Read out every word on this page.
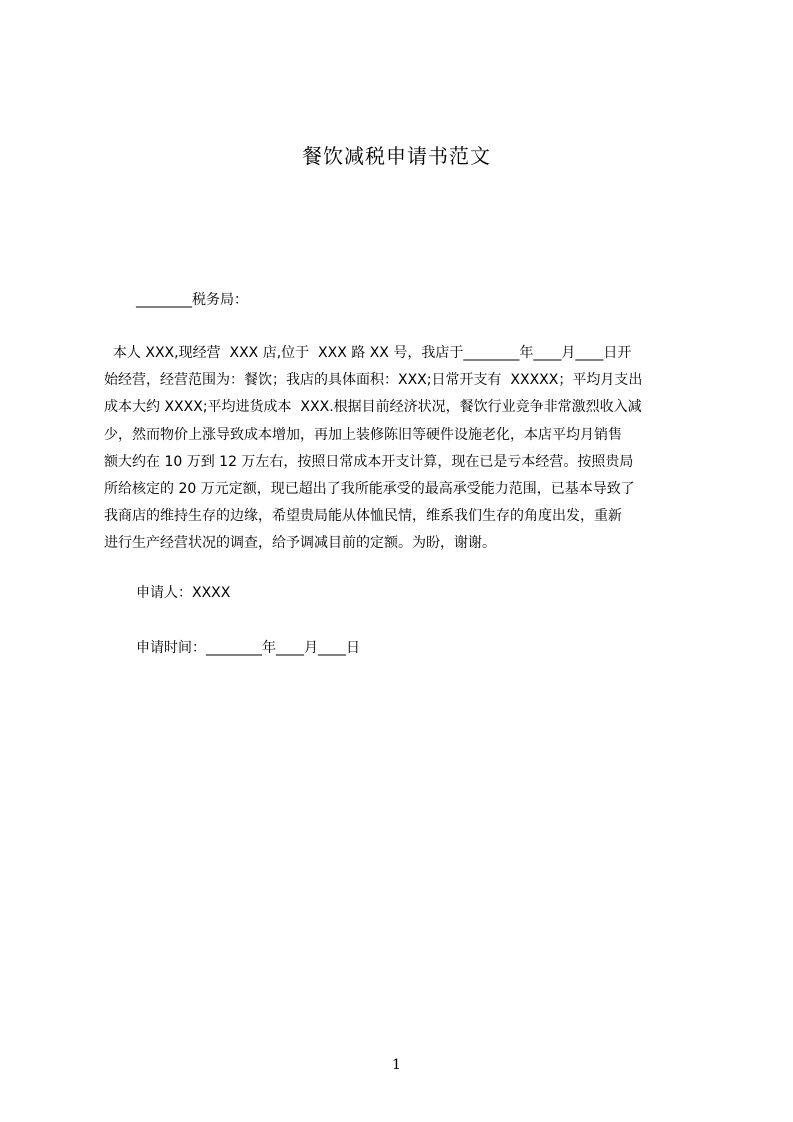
餐饮减税申请书范文
________税务局：
本人 XXX,现经营  XXX 店,位于  XXX 路 XX 号，我店于________年____月____日开
始经营，经营范围为：餐饮；我店的具体面积：XXX;日常开支有  XXXXX；平均月支出
成本大约 XXXX;平均进货成本  XXX.根据目前经济状况，餐饮行业竞争非常激烈收入减
少，然而物价上涨导致成本增加，再加上装修陈旧等硬件设施老化，本店平均月销售
额大约在 10 万到 12 万左右，按照日常成本开支计算，现在已是亏本经营。按照贵局
所给核定的 20 万元定额，现已超出了我所能承受的最高承受能力范围，已基本导致了
我商店的维持生存的边缘，希望贵局能从体恤民情，维系我们生存的角度出发，重新
进行生产经营状况的调查，给予调减目前的定额。为盼，谢谢。
申请人：XXXX
申请时间：________年____月____日
1
